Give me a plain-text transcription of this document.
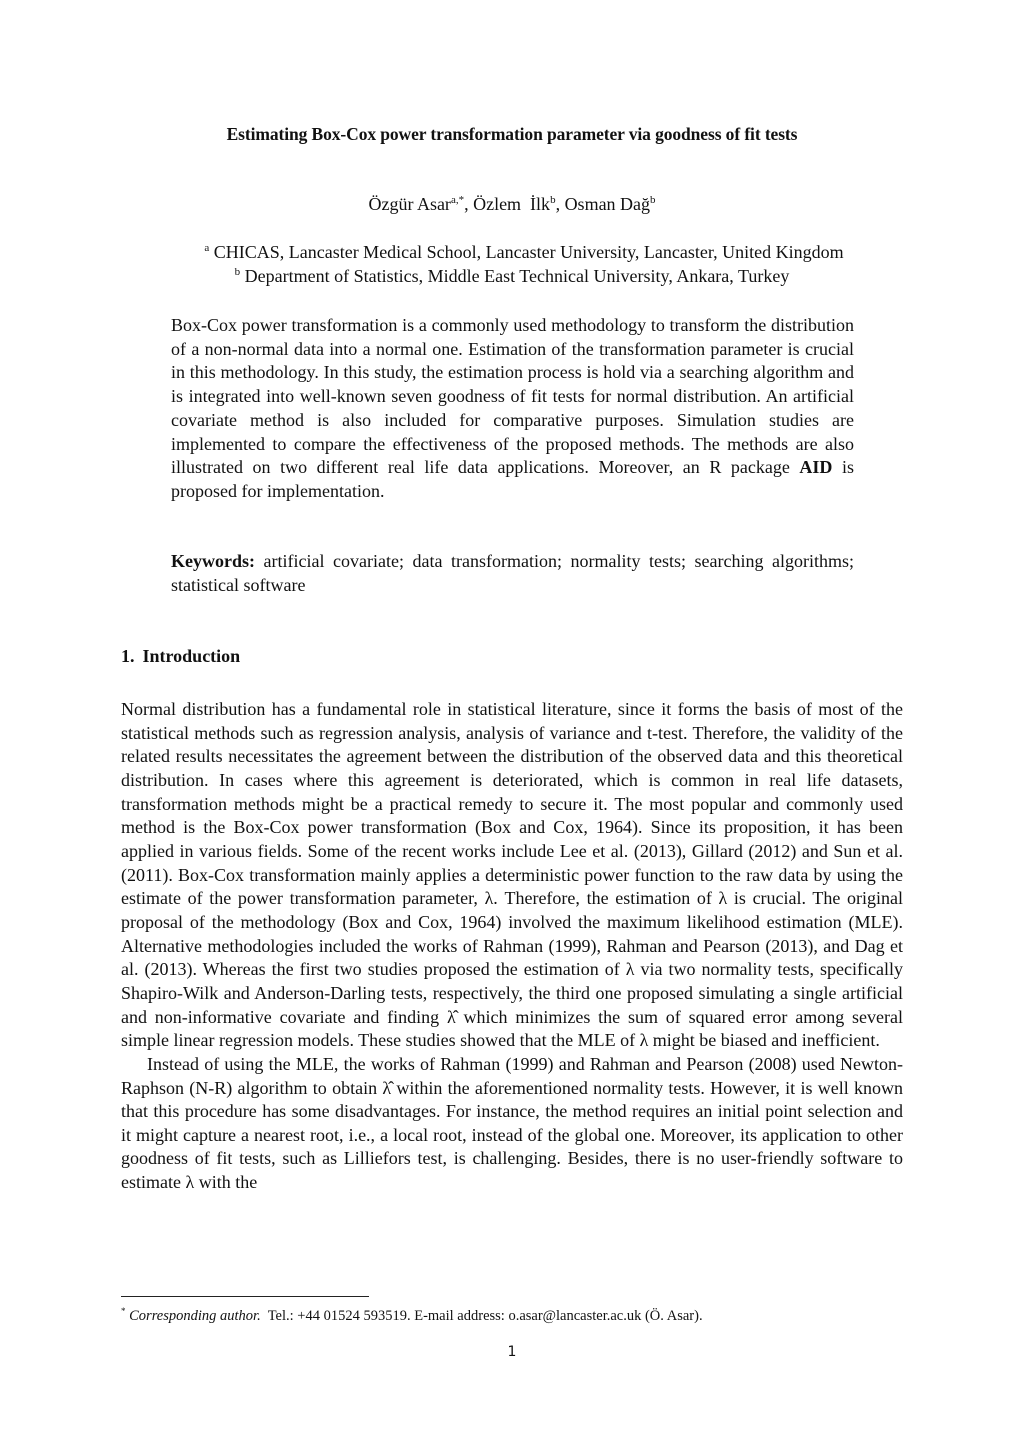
Estimating Box-Cox power transformation parameter via goodness of fit tests
Özgür Asar$^{a,*}$, Özlem  İlk$^b$, Osman Dağ$^b$
$^a$ CHICAS, Lancaster Medical School, Lancaster University, Lancaster, United Kingdom
$^b$ Department of Statistics, Middle East Technical University, Ankara, Turkey
Box-Cox power transformation is a commonly used methodology to transform the distribution of a non-normal data into a normal one. Estimation of the transformation parameter is crucial in this methodology. In this study, the estimation process is hold via a searching algorithm and is integrated into well-known seven goodness of fit tests for normal distribution. An artificial covariate method is also included for comparative purposes. Simulation studies are implemented to compare the effectiveness of the proposed methods. The methods are also illustrated on two different real life data applications. Moreover, an R package AID is proposed for implementation.
Keywords: artificial covariate; data transformation; normality tests; searching algorithms; statistical software
1. Introduction

Normal distribution has a fundamental role in statistical literature, since it forms the basis of most of the statistical methods such as regression analysis, analysis of variance and t-test. Therefore, the validity of the related results necessitates the agreement between the distribution of the observed data and this theoretical distribution. In cases where this agreement is deteriorated, which is common in real life datasets, transformation methods might be a practical remedy to secure it. The most popular and commonly used method is the Box-Cox power transformation (Box and Cox, 1964). Since its proposition, it has been applied in various fields. Some of the recent works include Lee et al. (2013), Gillard (2012) and Sun et al. (2011). Box-Cox transformation mainly applies a deterministic power function to the raw data by using the estimate of the power transformation parameter, λ. Therefore, the estimation of λ is crucial. The original proposal of the methodology (Box and Cox, 1964) involved the maximum likelihood estimation (MLE). Alternative methodologies included the works of Rahman (1999), Rahman and Pearson (2013), and Dag et al. (2013). Whereas the first two studies proposed the estimation of λ via two normality tests, specifically Shapiro-Wilk and Anderson-Darling tests, respectively, the third one proposed simulating a single artificial and non-informative covariate and finding λ̂ which minimizes the sum of squared error among several simple linear regression models. These studies showed that the MLE of λ might be biased and inefficient.

Instead of using the MLE, the works of Rahman (1999) and Rahman and Pearson (2008) used Newton-Raphson (N-R) algorithm to obtain λ̂ within the aforementioned normality tests. However, it is well known that this procedure has some disadvantages. For instance, the method requires an initial point selection and it might capture a nearest root, i.e., a local root, instead of the global one. Moreover, its application to other goodness of fit tests, such as Lilliefors test, is challenging. Besides, there is no user-friendly software to estimate λ with the

* Corresponding author.  Tel.: +44 01524 593519. E-mail address: o.asar@lancaster.ac.uk (Ö. Asar).
1
